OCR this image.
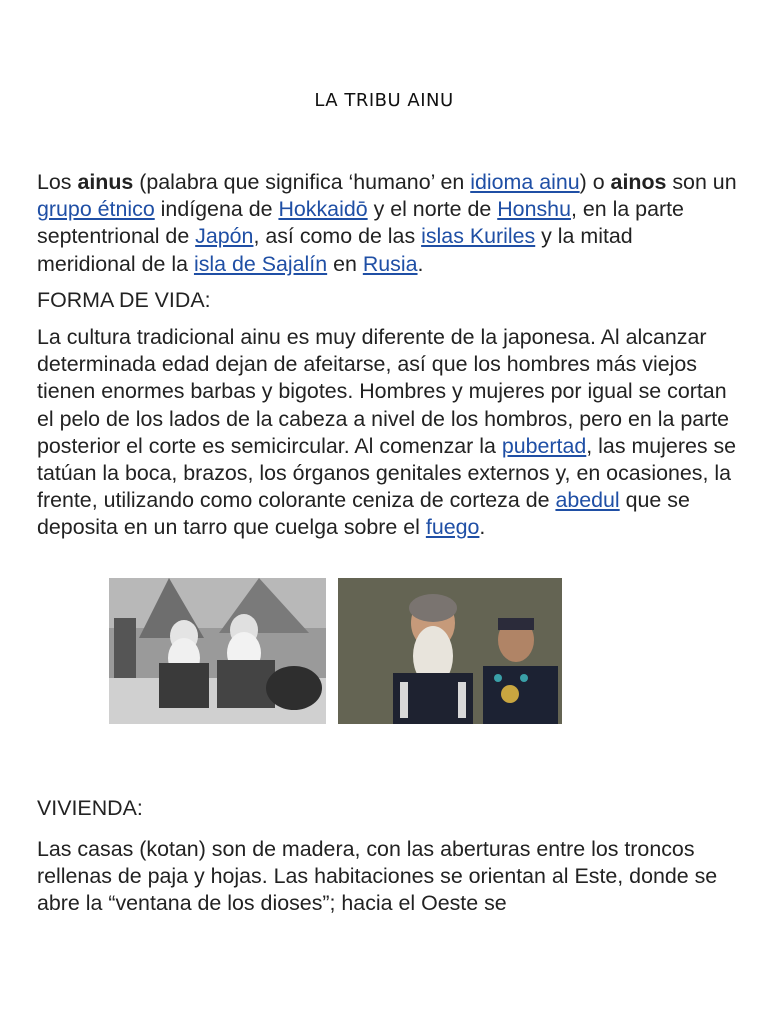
LA TRIBU AINU
Los ainus (palabra que significa ‘humano’ en idioma ainu) o ainos son un grupo étnico indígena de Hokkaidō y el norte de Honshu, en la parte septentrional de Japón, así como de las islas Kuriles y la mitad meridional de la isla de Sajalín en Rusia.
FORMA DE VIDA:
La cultura tradicional ainu es muy diferente de la japonesa. Al alcanzar determinada edad dejan de afeitarse, así que los hombres más viejos tienen enormes barbas y bigotes. Hombres y mujeres por igual se cortan el pelo de los lados de la cabeza a nivel de los hombros, pero en la parte posterior el corte es semicircular. Al comenzar la pubertad, las mujeres se tatúan la boca, brazos, los órganos genitales externos y, en ocasiones, la frente, utilizando como colorante ceniza de corteza de abedul que se deposita en un tarro que cuelga sobre el fuego.
VIVIENDA:
Las casas (kotan) son de madera, con las aberturas entre los troncos rellenas de paja y hojas. Las habitaciones se orientan al Este, donde se abre la “ventana de los dioses”; hacia el Oeste se
